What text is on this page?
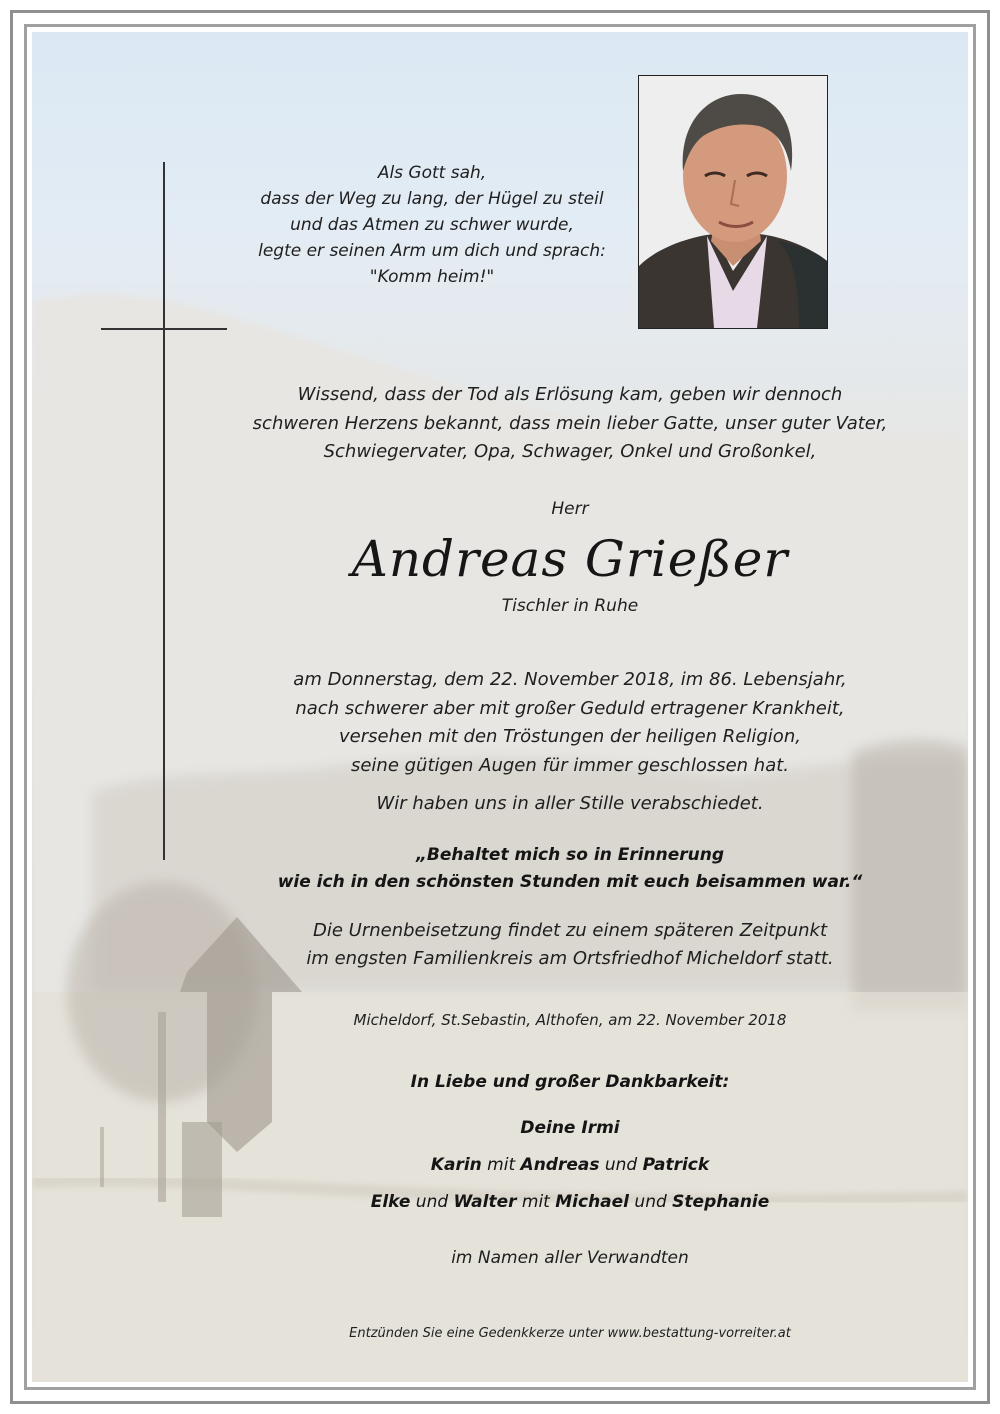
Als Gott sah,
dass der Weg zu lang, der Hügel zu steil
und das Atmen zu schwer wurde,
legte er seinen Arm um dich und sprach:
"Komm heim!"
Wissend, dass der Tod als Erlösung kam, geben wir dennoch
schweren Herzens bekannt, dass mein lieber Gatte, unser guter Vater,
Schwiegervater, Opa, Schwager, Onkel und Großonkel,
Herr
Andreas Grießer
Tischler in Ruhe
am Donnerstag, dem 22. November 2018, im 86. Lebensjahr,
nach schwerer aber mit großer Geduld ertragener Krankheit,
versehen mit den Tröstungen der heiligen Religion,
seine gütigen Augen für immer geschlossen hat.
Wir haben uns in aller Stille verabschiedet.
„Behaltet mich so in Erinnerung
wie ich in den schönsten Stunden mit euch beisammen war.“
Die Urnenbeisetzung findet zu einem späteren Zeitpunkt
im engsten Familienkreis am Ortsfriedhof Micheldorf statt.
Micheldorf, St.Sebastin, Althofen, am 22. November 2018
In Liebe und großer Dankbarkeit:
Deine Irmi
Karin mit Andreas und Patrick
Elke und Walter mit Michael und Stephanie
im Namen aller Verwandten
Entzünden Sie eine Gedenkkerze unter www.bestattung-vorreiter.at
